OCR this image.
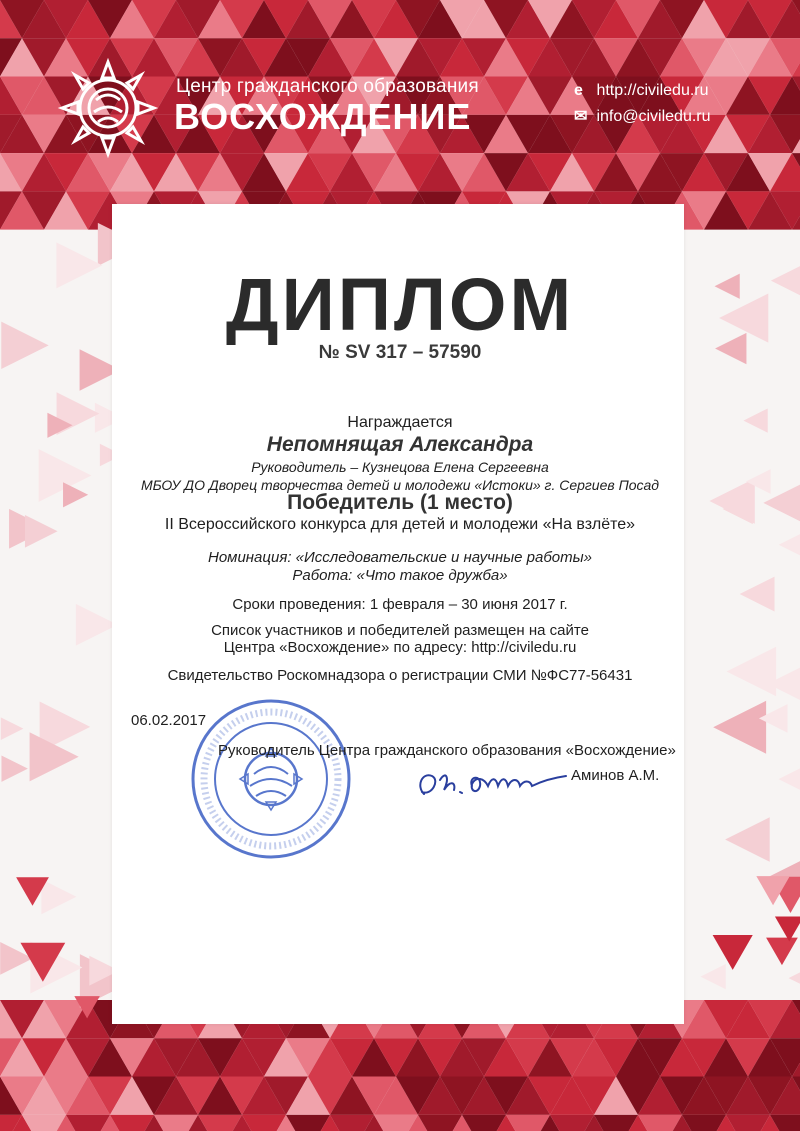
Центр гражданского образования
ВОСХОЖДЕНИЕ
e http://civiledu.ru
✉ info@civiledu.ru
ДИПЛОМ
№ SV 317 – 57590
Награждается
Непомнящая Александра
Руководитель – Кузнецова Елена Сергеевна
МБОУ ДО Дворец творчества детей и молодежи «Истоки» г. Сергиев Посад
Победитель (1 место)
II Всероссийского конкурса для детей и молодежи «На взлёте»
Номинация: «Исследовательские и научные работы»
Работа: «Что такое дружба»
Сроки проведения: 1 февраля – 30 июня 2017 г.
Список участников и победителей размещен на сайте
Центра «Восхождение» по адресу: http://civiledu.ru
Свидетельство Роскомнадзора о регистрации СМИ №ФС77-56431
06.02.2017
Руководитель Центра гражданского образования «Восхождение»
Аминов А.М.
